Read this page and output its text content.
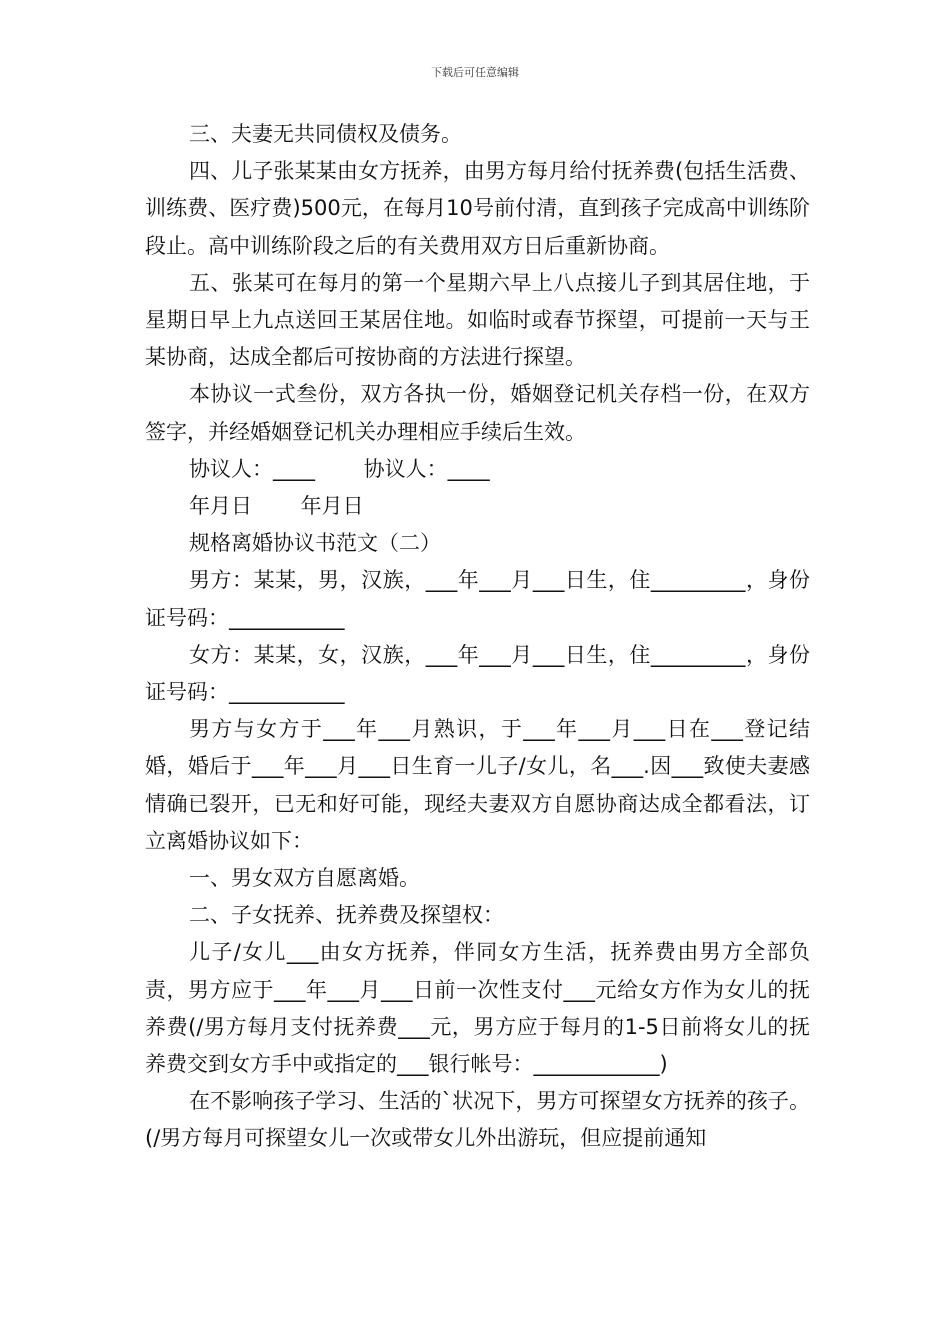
下载后可任意编辑

三、夫妻无共同债权及债务。

四、儿子张某某由女方抚养，由男方每月给付抚养费(包括生活费、训练费、医疗费)500元，在每月10号前付清，直到孩子完成高中训练阶段止。高中训练阶段之后的有关费用双方日后重新协商。

五、张某可在每月的第一个星期六早上八点接儿子到其居住地，于星期日早上九点送回王某居住地。如临时或春节探望，可提前一天与王某协商，达成全都后可按协商的方法进行探望。

本协议一式叁份，双方各执一份，婚姻登记机关存档一份，在双方签字，并经婚姻登记机关办理相应手续后生效。

协议人：____　　 协议人：____

年月日　　 年月日

规格离婚协议书范文（二）

男方：某某，男，汉族，___年___月___日生，住_________，身份证号码：___________

女方：某某，女，汉族，___年___月___日生，住_________，身份证号码：___________

男方与女方于___年___月熟识，于___年___月___日在___登记结婚，婚后于___年___月___日生育一儿子/女儿，名___.因___致使夫妻感情确已裂开，已无和好可能，现经夫妻双方自愿协商达成全都看法，订立离婚协议如下：

一、男女双方自愿离婚。

二、子女抚养、抚养费及探望权：

儿子/女儿___由女方抚养，伴同女方生活，抚养费由男方全部负责，男方应于___年___月___日前一次性支付___元给女方作为女儿的抚养费(/男方每月支付抚养费___元，男方应于每月的1-5日前将女儿的抚养费交到女方手中或指定的___银行帐号：____________)

在不影响孩子学习、生活的`状况下，男方可探望女方抚养的孩子。(/男方每月可探望女儿一次或带女儿外出游玩，但应提前通知
